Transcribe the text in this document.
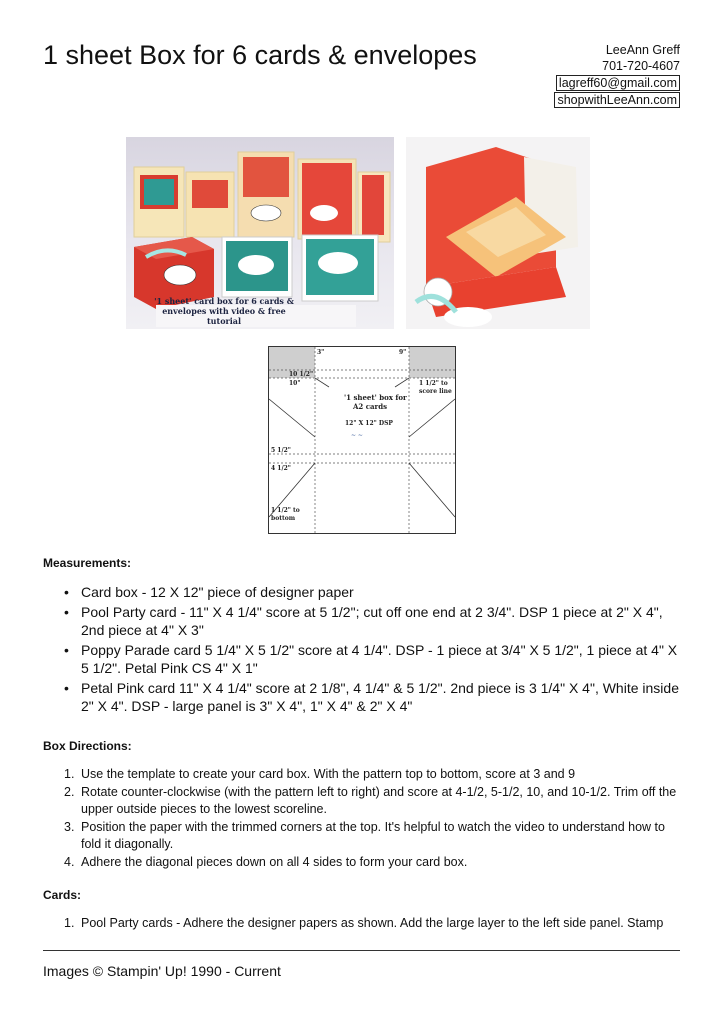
1 sheet Box for 6 cards & envelopes	LeeAnn Greff
701-720-4607
lagreff60@gmail.com
shopwithLeeAnn.com
'1 sheet' card box for 6 cards &
envelopes with video & free tutorial
3"	9"
10 1/2"
10"	1 1/2" to
score line
'1 sheet' box for
A2 cards
12" X 12" DSP
~ ~
5 1/2"
4 1/2"
1 1/2" to
bottom
Measurements:
• Card box - 12 X 12" piece of designer paper
• Pool Party card - 11" X 4 1/4" score at 5 1/2"; cut off one end at 2 3/4". DSP 1 piece at 2" X 4", 2nd piece at 4" X 3"
• Poppy Parade card 5 1/4" X 5 1/2" score at 4 1/4". DSP - 1 piece at 3/4" X 5 1/2", 1 piece at 4" X 5 1/2". Petal Pink CS 4" X 1"
• Petal Pink card 11" X 4 1/4" score at 2 1/8", 4 1/4" & 5 1/2". 2nd piece is 3 1/4" X 4", White inside 2" X 4". DSP - large panel is 3" X 4", 1" X 4" & 2" X 4"
Box Directions:
1. Use the template to create your card box. With the pattern top to bottom, score at 3 and 9
2. Rotate counter-clockwise (with the pattern left to right) and score at 4-1/2, 5-1/2, 10, and 10-1/2. Trim off the upper outside pieces to the lowest scoreline.
3. Position the paper with the trimmed corners at the top. It's helpful to watch the video to understand how to fold it diagonally.
4. Adhere the diagonal pieces down on all 4 sides to form your card box.
Cards:
1. Pool Party cards - Adhere the designer papers as shown. Add the large layer to the left side panel. Stamp
Images © Stampin' Up! 1990 - Current
